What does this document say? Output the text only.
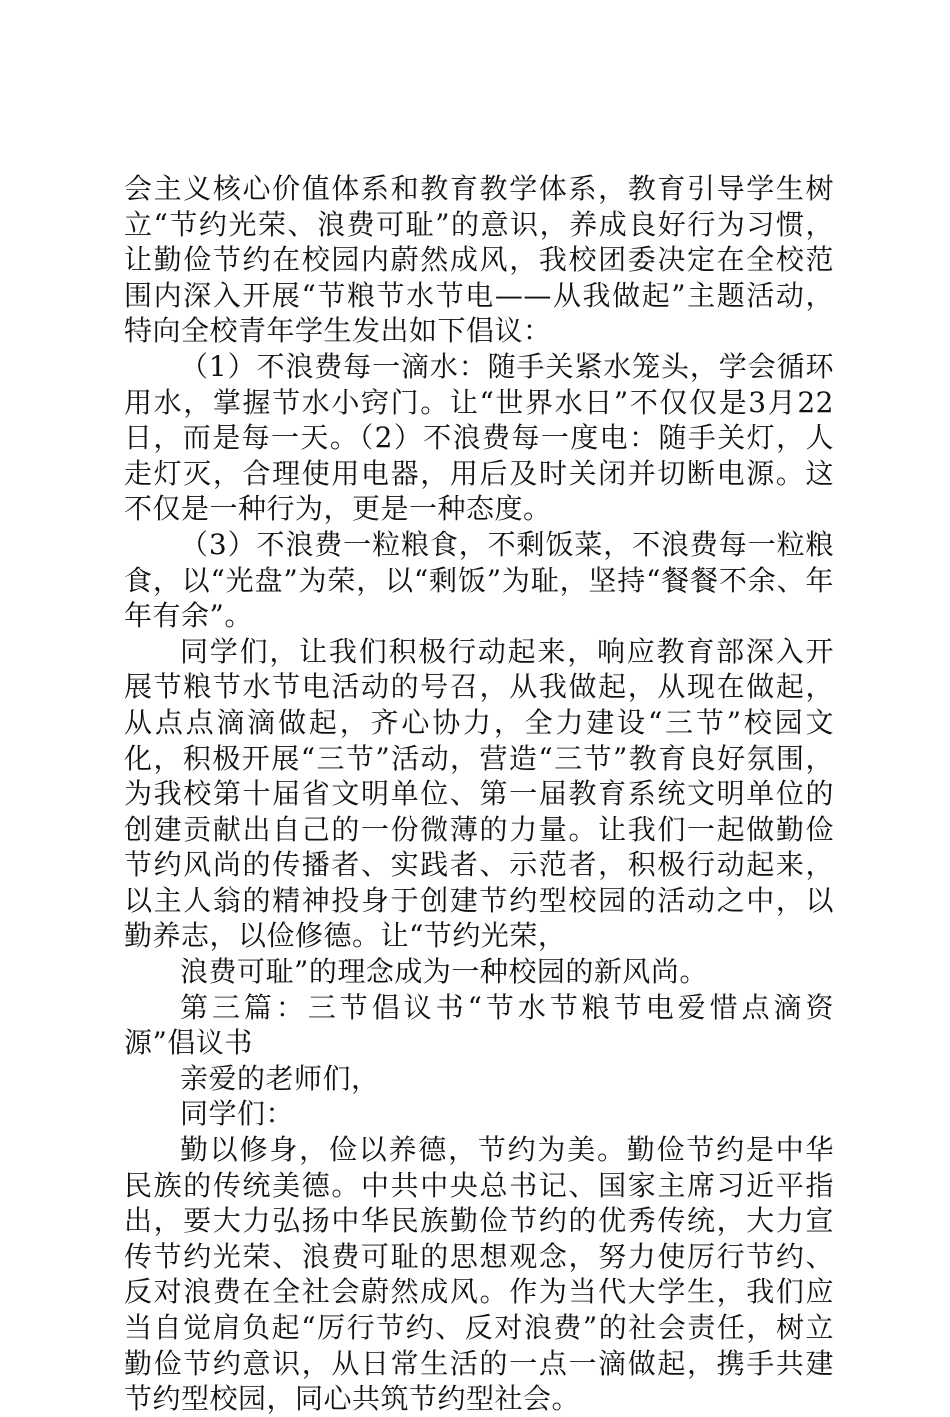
会主义核心价值体系和教育教学体系，教育引导学生树立“节约光荣、浪费可耻”的意识，养成良好行为习惯，让勤俭节约在校园内蔚然成风，我校团委决定在全校范围内深入开展“节粮节水节电——从我做起”主题活动，特向全校青年学生发出如下倡议：

（1）不浪费每一滴水：随手关紧水笼头，学会循环用水，掌握节水小窍门。让“世界水日”不仅仅是3月22日，而是每一天。（2）不浪费每一度电：随手关灯，人走灯灭，合理使用电器，用后及时关闭并切断电源。这不仅是一种行为，更是一种态度。

（3）不浪费一粒粮食，不剩饭菜，不浪费每一粒粮食，以“光盘”为荣，以“剩饭”为耻，坚持“餐餐不余、年年有余”。

同学们，让我们积极行动起来，响应教育部深入开展节粮节水节电活动的号召，从我做起，从现在做起，从点点滴滴做起，齐心协力，全力建设“三节”校园文化，积极开展“三节”活动，营造“三节”教育良好氛围，为我校第十届省文明单位、第一届教育系统文明单位的创建贡献出自己的一份微薄的力量。让我们一起做勤俭节约风尚的传播者、实践者、示范者，积极行动起来，以主人翁的精神投身于创建节约型校园的活动之中，以勤养志，以俭修德。让“节约光荣，

浪费可耻”的理念成为一种校园的新风尚。

第三篇：三节倡议书“节水节粮节电爱惜点滴资源”倡议书

亲爱的老师们，

同学们：

勤以修身，俭以养德，节约为美。勤俭节约是中华民族的传统美德。中共中央总书记、国家主席习近平指出，要大力弘扬中华民族勤俭节约的优秀传统，大力宣传节约光荣、浪费可耻的思想观念，努力使厉行节约、反对浪费在全社会蔚然成风。作为当代大学生，我们应当自觉肩负起“厉行节约、反对浪费”的社会责任，树立勤俭节约意识，从日常生活的一点一滴做起，携手共建节约型校园，同心共筑节约型社会。
